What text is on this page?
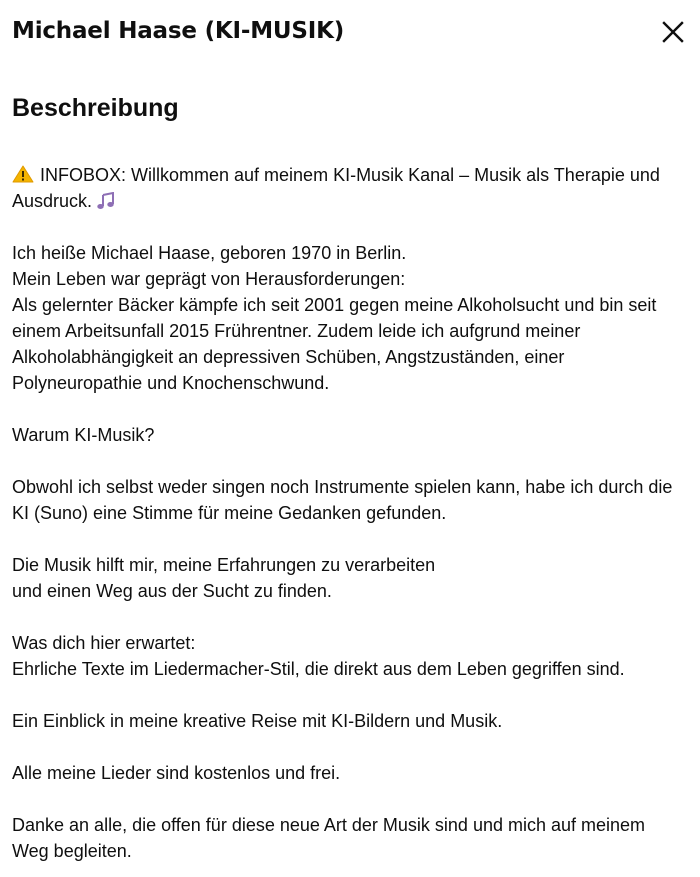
Michael Haase (KI-MUSIK)
Beschreibung
INFOBOX: Willkommen auf meinem KI-Musik Kanal – Musik als Therapie und
Ausdruck.
Ich heiße Michael Haase, geboren 1970 in Berlin.
Mein Leben war geprägt von Herausforderungen:
Als gelernter Bäcker kämpfe ich seit 2001 gegen meine Alkoholsucht und bin seit
einem Arbeitsunfall 2015 Frührentner. Zudem leide ich aufgrund meiner
Alkoholabhängigkeit an depressiven Schüben, Angstzuständen, einer
Polyneuropathie und Knochenschwund.
Warum KI-Musik?
Obwohl ich selbst weder singen noch Instrumente spielen kann, habe ich durch die
KI (Suno) eine Stimme für meine Gedanken gefunden.
Die Musik hilft mir, meine Erfahrungen zu verarbeiten
und einen Weg aus der Sucht zu finden.
Was dich hier erwartet:
Ehrliche Texte im Liedermacher-Stil, die direkt aus dem Leben gegriffen sind.
Ein Einblick in meine kreative Reise mit KI-Bildern und Musik.
Alle meine Lieder sind kostenlos und frei.
Danke an alle, die offen für diese neue Art der Musik sind und mich auf meinem
Weg begleiten.
